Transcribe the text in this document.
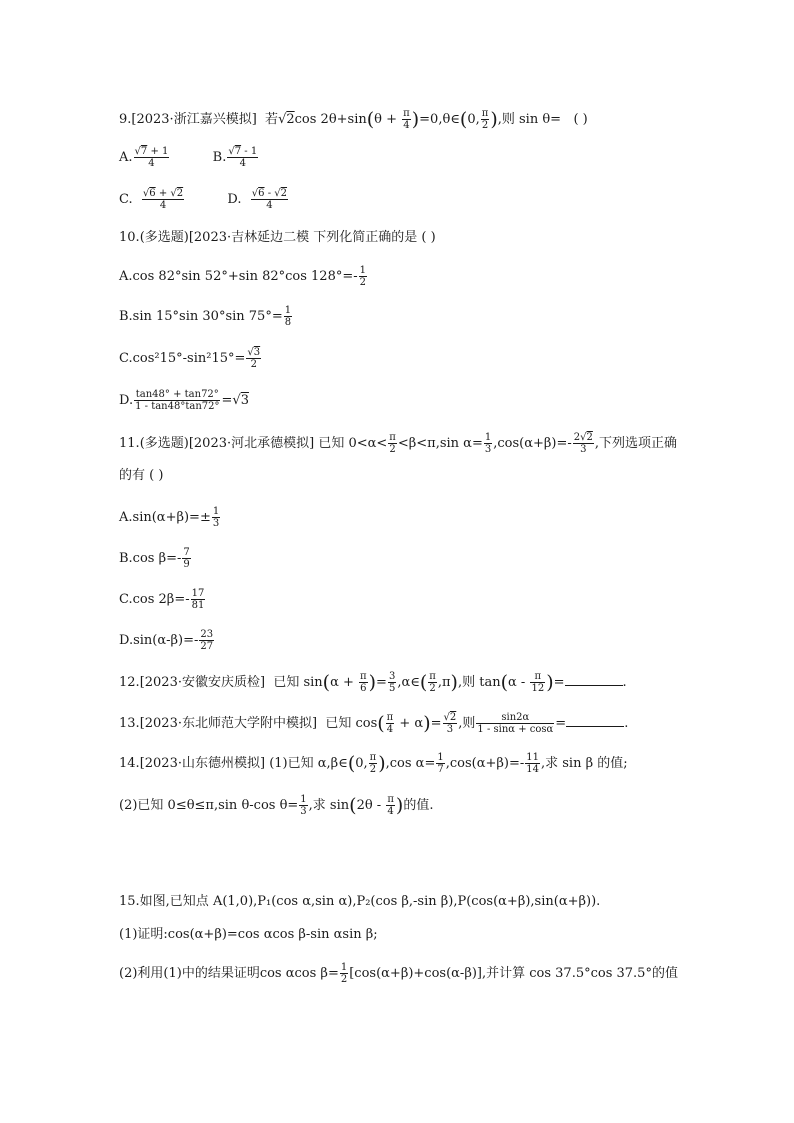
9.[2023·浙江嘉兴模拟] 若 √ 2cos $2\theta+\sin(\theta + \frac{\pi}{4}$ )=0,θ∈(0, $\frac{\pi}{2}$ ),则 sin θ= ( )
A. √ $\frac{7 + 1}{4}$	B. √ $\frac{7 - 1}{4}$
C. √ $\frac{6 + √ 2}{4}$	D. √ $\frac{6 - √ 2}{4}$
10.(多选题)[2023·吉林延边二模 下列化简正确的是 ( )
A.cos 82°sin 52°+sin 82°cos $128^\circ=- \frac{1}{2}$
B.sin 15°sin 30°sin $75^\circ= \frac{1}{8}$
C.cos²15°-sin²15°= √ $\frac{3}{2}$
D. $\frac{\tan 48^\circ + \tan 72^\circ}{1 - \tan 48^\circ\tan 72^\circ}$ = √ 3
11.(多选题)[2023·河北承德模拟] 已知 $0<\alpha< \frac{\pi}{2} <\beta<\pi,\sin$ $\alpha= \frac{1}{3} ,\cos(\alpha+\beta)=- \frac{2 √ 2}{3}$ ,下列选项正确
的有 ( )
$A.\sin(\alpha+\beta)=\pm \frac{1}{3}$
B.cos $\beta=- \frac{7}{9}$
C.cos $2\beta=- \frac{17}{81}$
$D.\sin(\alpha-\beta)=- \frac{23}{27}$
12.[2023·安徽安庆质检] 已知 $\sin(\alpha + \frac{\pi}{6}$ )= $\frac{3}{5}$ ,α∈( $\frac{\pi}{2} ,\pi$),则 $\tan(\alpha - \frac{\pi}{12}$ )=	.
13.[2023·东北师范大学附中模拟] 已知 $\cos( \frac{\pi}{4} + \alpha)=$ √ $\frac{2}{3}$ ,则 $\frac{\sin 2\alpha}{1 - \sin\alpha + \cos\alpha}$ =	.
14.[2023·山东德州模拟] (1)已知 α,β∈(0, $\frac{\pi}{2} ),\cos$ $\alpha= \frac{1}{7} ,\cos(\alpha+\beta)=- \frac{11}{14}$ ,求 sin β 的值;
(2)已知 0≤θ≤π,sin θ-cos $\theta= \frac{1}{3}$ ,求 $\sin(2\theta - \frac{\pi}{4}$ )的值.
15.如图,已知点 A(1,0),P₁(cos α,sin α),P₂(cos β,-sin β),P(cos(α+β),sin(α+β)).
(1)证明:cos(α+β)=cos αcos β-sin αsin β;
(2)利用(1)中的结果证明cos αcos $\beta= \frac{1}{2} [\cos(\alpha+\beta)+\cos(\alpha-\beta)]$,并计算 cos 37.5°cos 37.5°的值
